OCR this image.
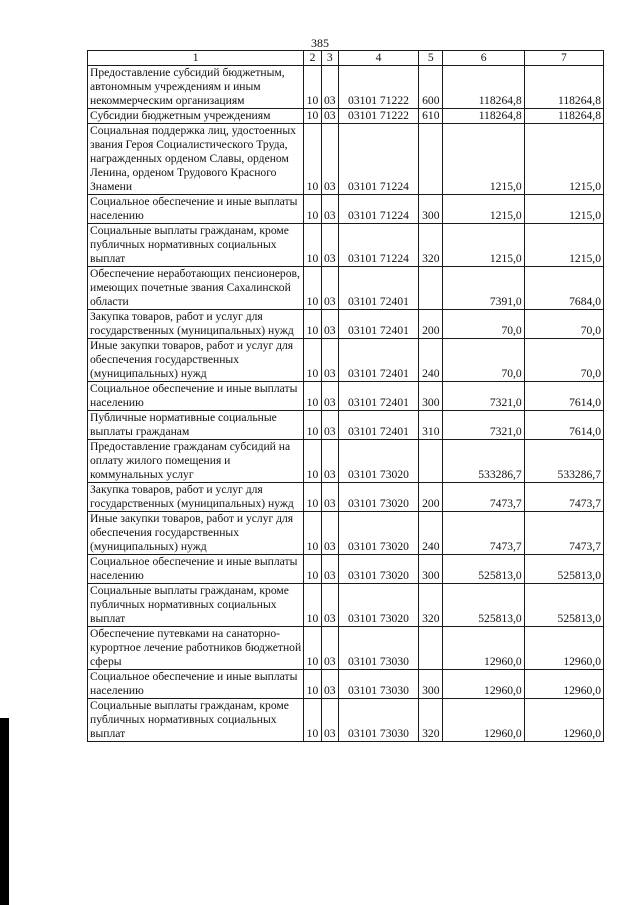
385
1	2	3	4	5	6	7
Предоставление субсидий бюджетным, автономным учреждениям и иным некоммерческим организациям	10	03	03101 71222	600	118264,8	118264,8
Субсидии бюджетным учреждениям	10	03	03101 71222	610	118264,8	118264,8
Социальная поддержка лиц, удостоенных звания Героя Социалистического Труда, награжденных орденом Славы, орденом Ленина, орденом Трудового Красного Знамени	10	03	03101 71224		1215,0	1215,0
Социальное обеспечение и иные выплаты населению	10	03	03101 71224	300	1215,0	1215,0
Социальные выплаты гражданам, кроме публичных нормативных социальных выплат	10	03	03101 71224	320	1215,0	1215,0
Обеспечение неработающих пенсионеров, имеющих почетные звания Сахалинской области	10	03	03101 72401		7391,0	7684,0
Закупка товаров, работ и услуг для государственных (муниципальных) нужд	10	03	03101 72401	200	70,0	70,0
Иные закупки товаров, работ и услуг для обеспечения государственных (муниципальных) нужд	10	03	03101 72401	240	70,0	70,0
Социальное обеспечение и иные выплаты населению	10	03	03101 72401	300	7321,0	7614,0
Публичные нормативные социальные выплаты гражданам	10	03	03101 72401	310	7321,0	7614,0
Предоставление гражданам субсидий на оплату жилого помещения и коммунальных услуг	10	03	03101 73020		533286,7	533286,7
Закупка товаров, работ и услуг для государственных (муниципальных) нужд	10	03	03101 73020	200	7473,7	7473,7
Иные закупки товаров, работ и услуг для обеспечения государственных (муниципальных) нужд	10	03	03101 73020	240	7473,7	7473,7
Социальное обеспечение и иные выплаты населению	10	03	03101 73020	300	525813,0	525813,0
Социальные выплаты гражданам, кроме публичных нормативных социальных выплат	10	03	03101 73020	320	525813,0	525813,0
Обеспечение путевками на санаторно-курортное лечение работников бюджетной сферы	10	03	03101 73030		12960,0	12960,0
Социальное обеспечение и иные выплаты населению	10	03	03101 73030	300	12960,0	12960,0
Социальные выплаты гражданам, кроме публичных нормативных социальных выплат	10	03	03101 73030	320	12960,0	12960,0
